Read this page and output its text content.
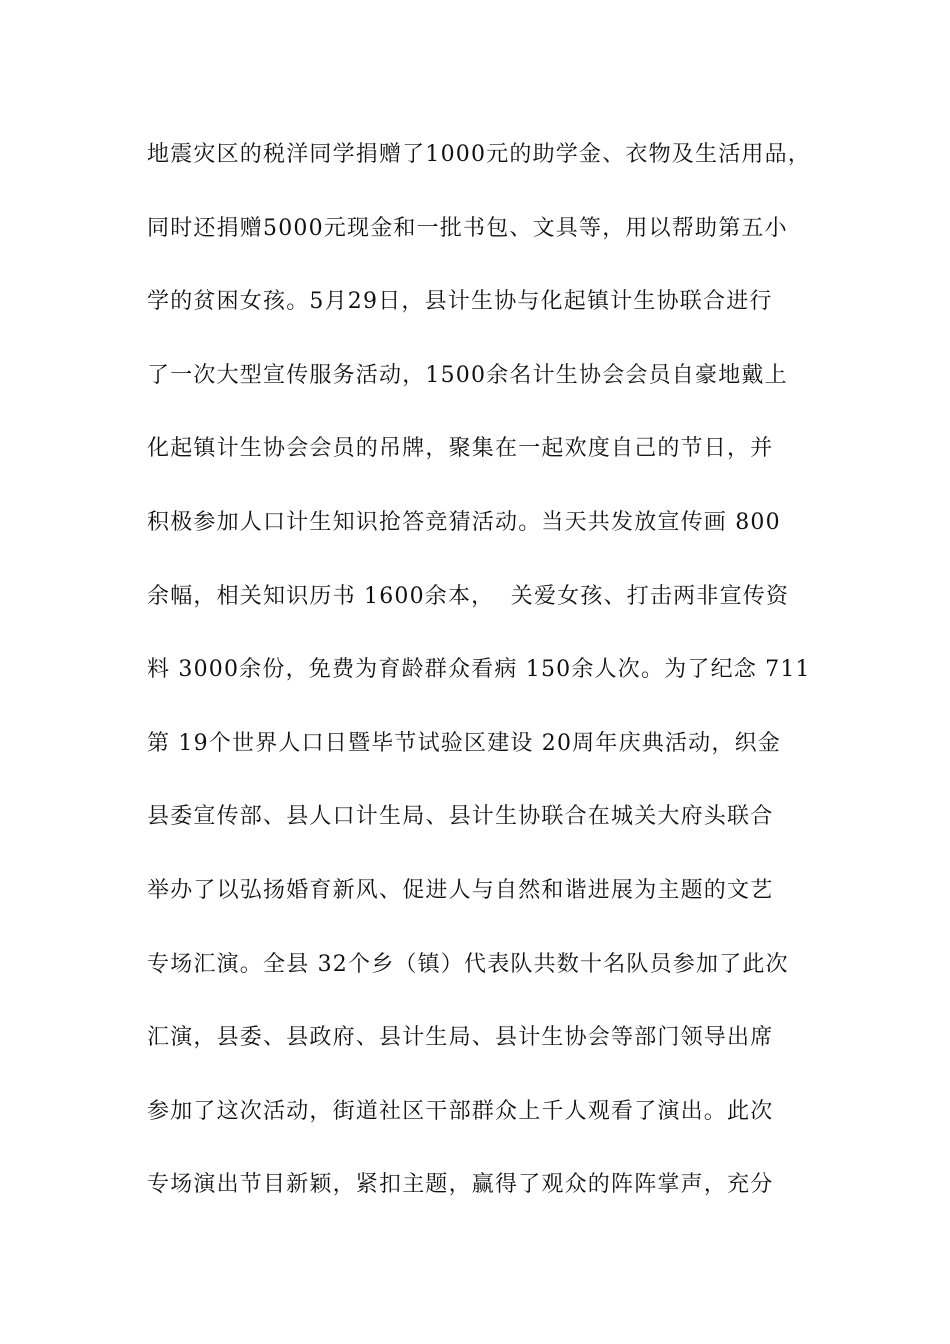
地震灾区的税洋同学捐赠了1000元的助学金、衣物及生活用品，
同时还捐赠5000元现金和一批书包、文具等，用以帮助第五小
学的贫困女孩。5月29日，县计生协与化起镇计生协联合进行
了一次大型宣传服务活动，1500余名计生协会会员自豪地戴上
化起镇计生协会会员的吊牌，聚集在一起欢度自己的节日，并
积极参加人口计生知识抢答竞猜活动。当天共发放宣传画 800
余幅，相关知识历书 1600余本，  关爱女孩、打击两非宣传资
料 3000余份，免费为育龄群众看病 150余人次。为了纪念 711
第 19个世界人口日暨毕节试验区建设 20周年庆典活动，织金
县委宣传部、县人口计生局、县计生协联合在城关大府头联合
举办了以弘扬婚育新风、促进人与自然和谐进展为主题的文艺
专场汇演。全县 32个乡（镇）代表队共数十名队员参加了此次
汇演，县委、县政府、县计生局、县计生协会等部门领导出席
参加了这次活动，街道社区干部群众上千人观看了演出。此次
专场演出节目新颖，紧扣主题，赢得了观众的阵阵掌声，充分
